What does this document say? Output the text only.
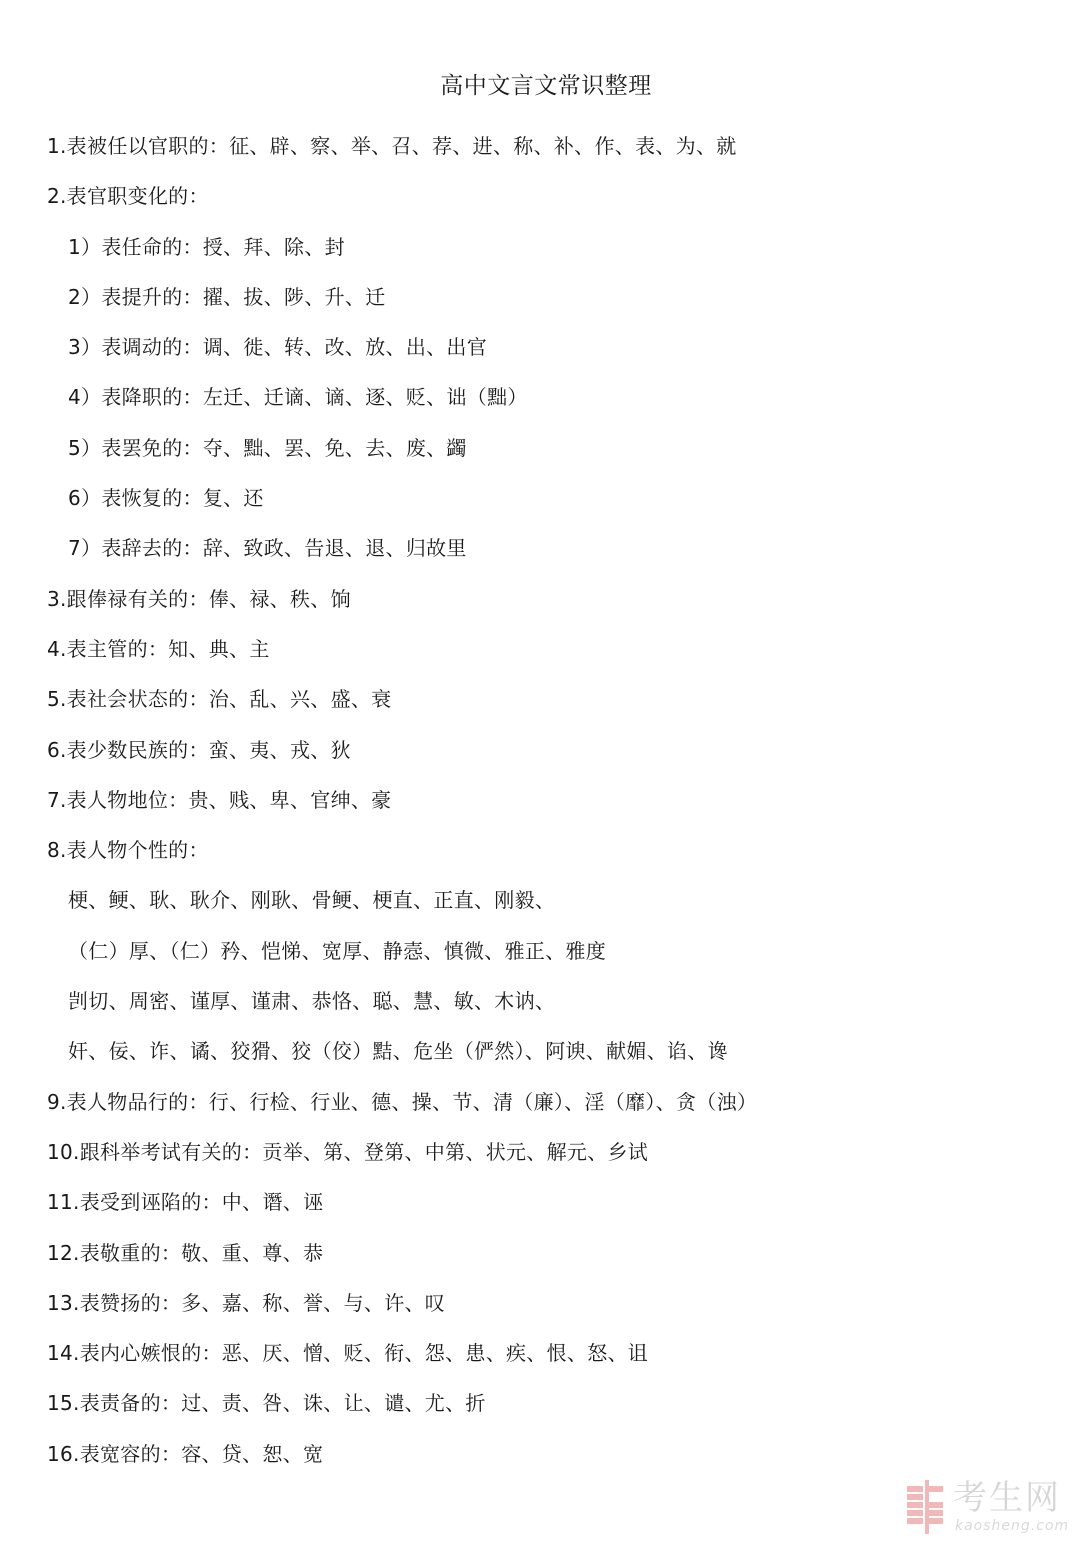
高中文言文常识整理
1.表被任以官职的：征、辟、察、举、召、荐、进、称、补、作、表、为、就
2.表官职变化的：
1）表任命的：授、拜、除、封
2）表提升的：擢、拔、陟、升、迁
3）表调动的：调、徙、转、改、放、出、出官
4）表降职的：左迁、迁谪、谪、逐、贬、诎（黜）
5）表罢免的：夺、黜、罢、免、去、废、蠲
6）表恢复的：复、还
7）表辞去的：辞、致政、告退、退、归故里
3.跟俸禄有关的：俸、禄、秩、饷
4.表主管的：知、典、主
5.表社会状态的：治、乱、兴、盛、衰
6.表少数民族的：蛮、夷、戎、狄
7.表人物地位：贵、贱、卑、官绅、豪
8.表人物个性的：
梗、鲠、耿、耿介、刚耿、骨鲠、梗直、正直、刚毅、
（仁）厚、（仁）矜、恺悌、宽厚、静悫、慎微、雅正、雅度
剀切、周密、谨厚、谨肃、恭恪、聪、慧、敏、木讷、
奸、佞、诈、谲、狡猾、狡（佼）黠、危坐（俨然）、阿谀、献媚、谄、谗
9.表人物品行的：行、行检、行业、德、操、节、清（廉）、淫（靡）、贪（浊）
10.跟科举考试有关的：贡举、第、登第、中第、状元、解元、乡试
11.表受到诬陷的：中、谮、诬
12.表敬重的：敬、重、尊、恭
13.表赞扬的：多、嘉、称、誉、与、许、叹
14.表内心嫉恨的：恶、厌、憎、贬、衔、怨、患、疾、恨、怒、诅
15.表责备的：过、责、咎、诛、让、谴、尤、折
16.表宽容的：容、贷、恕、宽
考生网
kaosheng.com
